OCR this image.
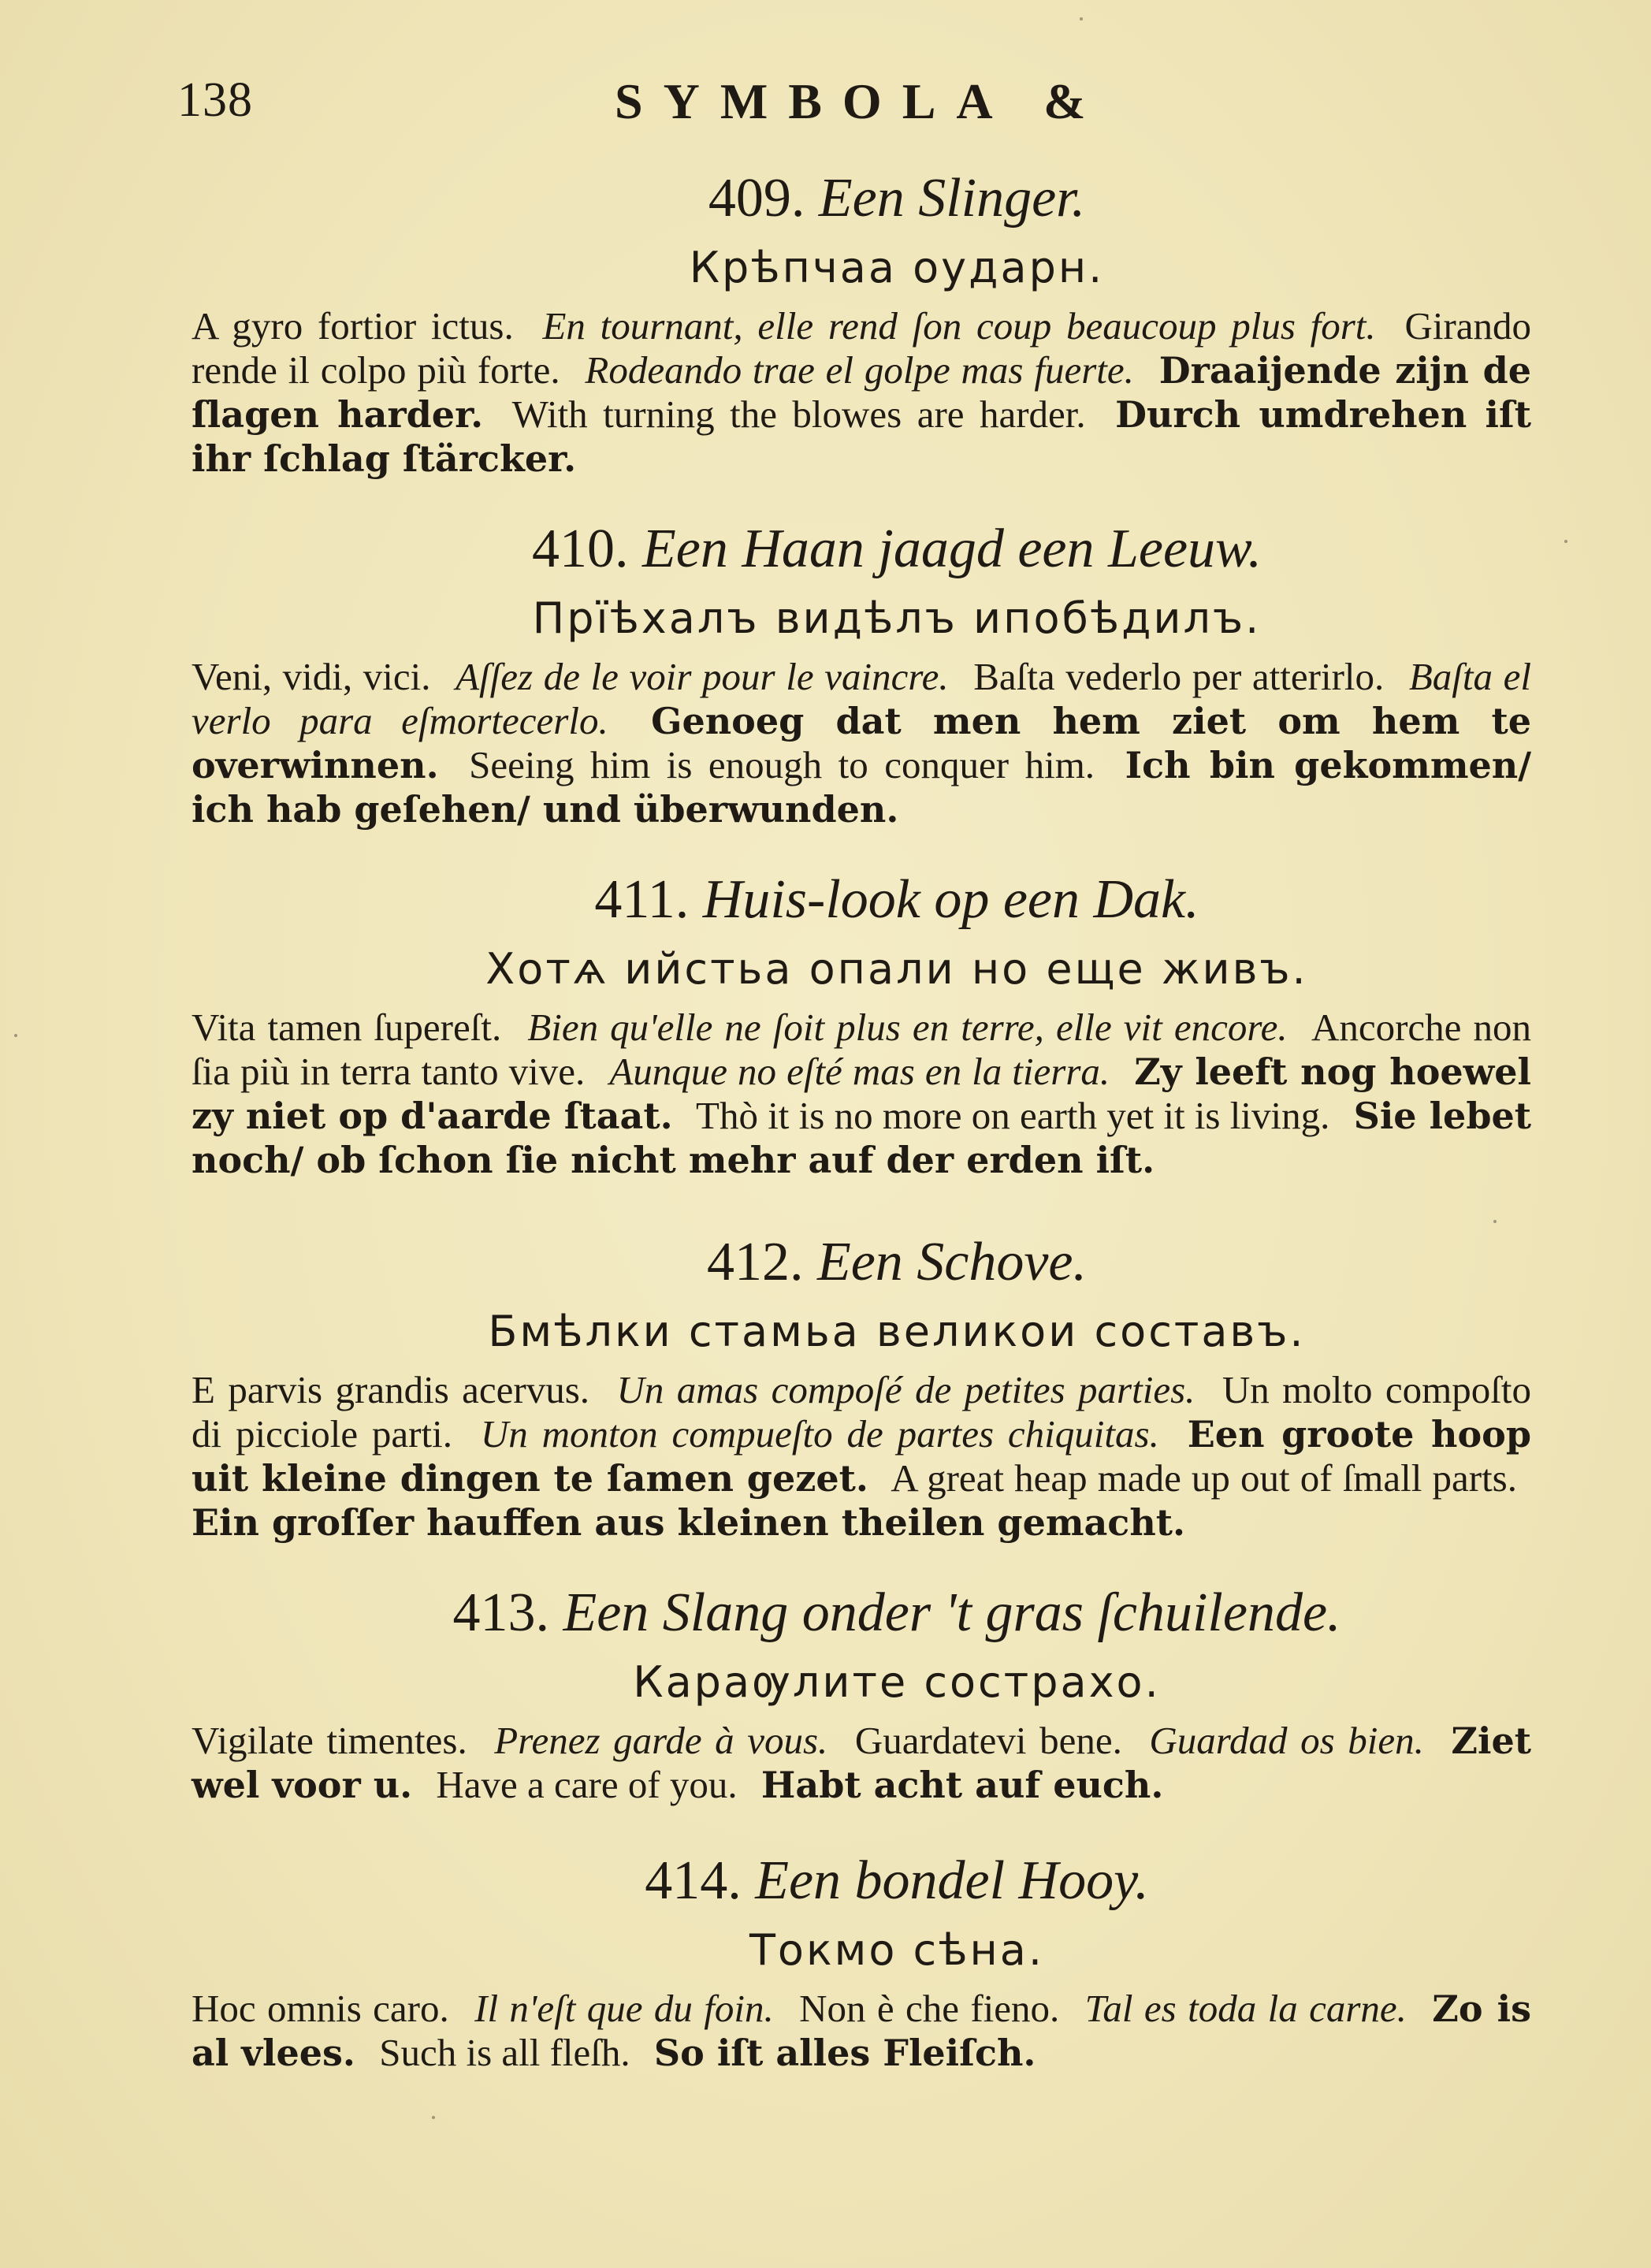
138	SYMBOLA &
409. Een Slinger.
Крѣпчаа оударн.
A gyro fortior ictus. En tournant, elle rend ſon coup beaucoup plus fort. Girando rende il colpo più forte. Rodeando trae el golpe mas fuerte. Draaijende zijn de ſlagen harder. With turning the blowes are harder. Durch umdrehen iſt ihr ſchlag ſtärcker.
410. Een Haan jaagd een Leeuw.
Прїѣхалъ видѣлъ ипобѣдилъ.
Veni, vidi, vici. Aſſez de le voir pour le vaincre. Baſta vederlo per atterirlo. Baſta el verlo para eſmortecerlo. Genoeg dat men hem ziet om hem te overwinnen. Seeing him is enough to conquer him. Ich bin gekommen/ ich hab geſehen/ und überwunden.
411. Huis-look op een Dak.
Хотѧ ийстьа опали но еще живъ.
Vita tamen ſupereſt. Bien qu'elle ne ſoit plus en terre, elle vit encore. Ancorche non ſia più in terra tanto vive. Aunque no eſté mas en la tierra. Zy leeft nog hoewel zy niet op d'aarde ſtaat. Thò it is no more on earth yet it is living. Sie lebet noch/ ob ſchon ſie nicht mehr auf der erden iſt.
412. Een Schove.
Бмѣлки стамьа великои составъ.
E parvis grandis acervus. Un amas compoſé de petites parties. Un molto compoſto di picciole parti. Un monton compueſto de partes chiquitas. Een groote hoop uit kleine dingen te ſamen gezet. A great heap made up out of ſmall parts. Ein groſſer hauffen aus kleinen theilen gemacht.
413. Een Slang onder 't gras ſchuilende.
Караѹлите сострахо.
Vigilate timentes. Prenez garde à vous. Guardatevi bene. Guardad os bien. Ziet wel voor u. Have a care of you. Habt acht auf euch.
414. Een bondel Hooy.
Токмо сѣна.
Hoc omnis caro. Il n'eſt que du foin. Non è che fieno. Tal es toda la carne. Zo is al vlees. Such is all fleſh. So iſt alles Fleiſch.
